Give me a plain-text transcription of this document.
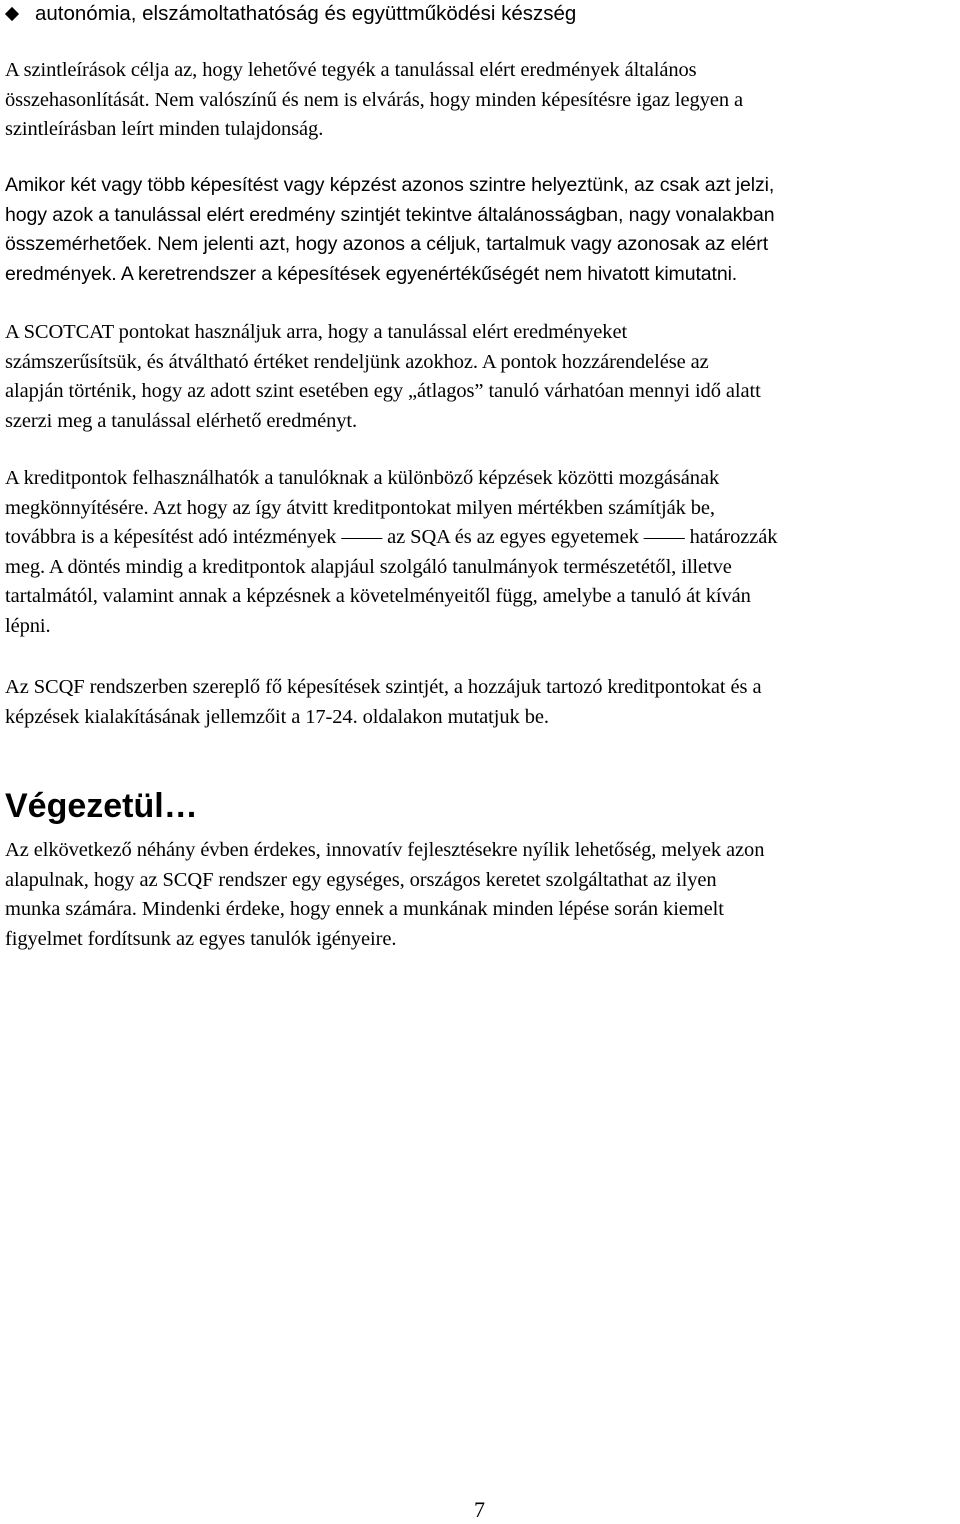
autonómia, elszámoltathatóság és együttműködési készség
A szintleírások célja az, hogy lehetővé tegyék a tanulással elért eredmények általános
összehasonlítását. Nem valószínű és nem is elvárás, hogy minden képesítésre igaz legyen a
szintleírásban leírt minden tulajdonság.
Amikor két vagy több képesítést vagy képzést azonos szintre helyeztünk, az csak azt jelzi,
hogy azok a tanulással elért eredmény szintjét tekintve általánosságban, nagy vonalakban
összemérhetőek. Nem jelenti azt, hogy azonos a céljuk, tartalmuk vagy azonosak az elért
eredmények. A keretrendszer a képesítések egyenértékűségét nem hivatott kimutatni.
A SCOTCAT pontokat használjuk arra, hogy a tanulással elért eredményeket
számszerűsítsük, és átváltható értéket rendeljünk azokhoz. A pontok hozzárendelése az
alapján történik, hogy az adott szint esetében egy „átlagos” tanuló várhatóan mennyi idő alatt
szerzi meg a tanulással elérhető eredményt.
A kreditpontok felhasználhatók a tanulóknak a különböző képzések közötti mozgásának
megkönnyítésére. Azt hogy az így átvitt kreditpontokat milyen mértékben számítják be,
továbbra is a képesítést adó intézmények —— az SQA és az egyes egyetemek —— határozzák
meg. A döntés mindig a kreditpontok alapjául szolgáló tanulmányok természetétől, illetve
tartalmától, valamint annak a képzésnek a követelményeitől függ, amelybe a tanuló át kíván
lépni.
Az SCQF rendszerben szereplő fő képesítések szintjét, a hozzájuk tartozó kreditpontokat és a
képzések kialakításának jellemzőit a 17-24. oldalakon mutatjuk be.
Végezetül…
Az elkövetkező néhány évben érdekes, innovatív fejlesztésekre nyílik lehetőség, melyek azon
alapulnak, hogy az SCQF rendszer egy egységes, országos keretet szolgáltathat az ilyen
munka számára. Mindenki érdeke, hogy ennek a munkának minden lépése során kiemelt
figyelmet fordítsunk az egyes tanulók igényeire.
7
